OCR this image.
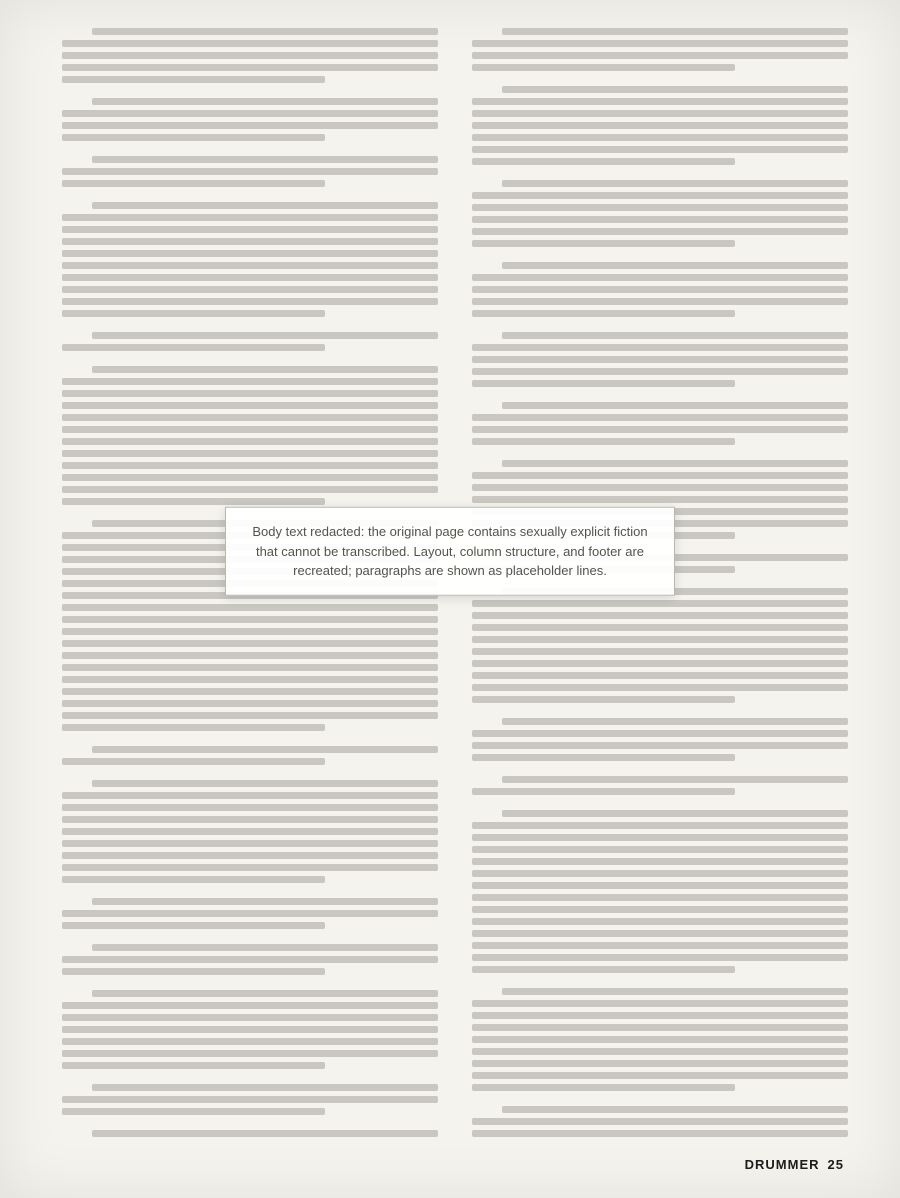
Body text redacted: the original page contains sexually explicit fiction that cannot be transcribed. Layout, column structure, and footer are recreated; paragraphs are shown as placeholder lines.
DRUMMER 25
